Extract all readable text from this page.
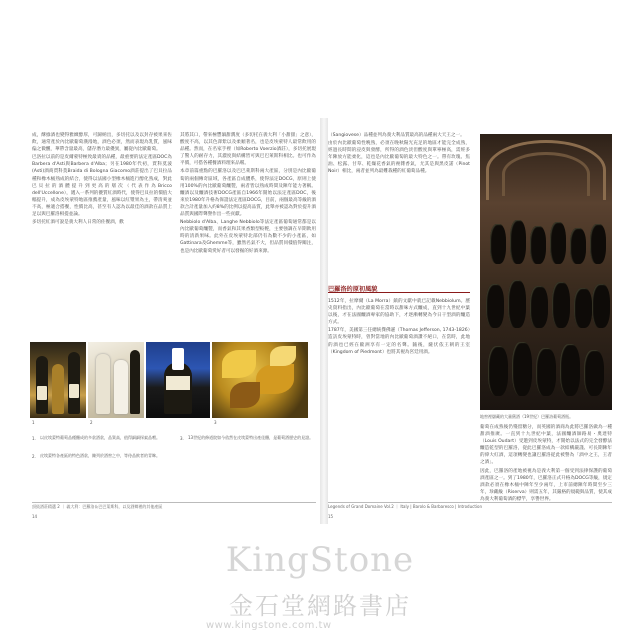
成，酥綠酒也變得雅緻醇厚，可歸納出，多切托以及以封存被果來佐飲，通常產於內比歐葡萄漢漫地，酒色必須，然而表現為乳質，風味偏之微醺，華帶含量最高，儲存潛力最優異，屬從內比歐葡萄。

巴洛拉以前的是皮爾蒙特極致最貴的品種，最重要的法定產區DOC為Barbera d'Asti與Barbera d'Alba；另在1980年代初，賈科莫波(Asti)酒商賈科莫Braida di Bologna Giacomo酒莊提出了巴貝拉品種和橡木桶熟成的結合，使得以法國小型橡木桶進行醇化熟成，對此巴貝拉的酒體提升到更高的層次（代表作為Bricco dell'Uccellone），邁入一系列的優質紅酒時代，使得巴貝拉的價值大幅提升，成為皮埃蒙特地區推薦產量，風味以紅漿果為主，帶清爽並不高，極適合搭餐，性價比高，甚至有人認為以最佳的酒款在品質上足以與巴羅洛相提並論。

多切托紅酒可說是義大利人日常的佐餐酒，歡

其將其口，帶來極豐韻甜潤度（多切托在義大利「小甜甜」之意），酸度不高，以其色澤紫以及柔順著名，也是皮埃蒙特人最常飲用的品種。然而，在名家手裡（如Roberto Voerzio酒莊），多切托展現了驚人的耐存力，其濃度與結構皆可與巴巴萊斯科相比。也可作為平價，可搭各種餐酒料理來品嚐。

本章前篇重點的巴羅洛以及巴巴萊斯科兩大產區，分別是內比歐葡萄的兩個傳奇區域，各產區自成體系，使得法定DOCG，原則上使用100%的內比歐葡萄釀製，兩者皆以熟成時間及陳年能力著稱。釀酒以及釀酒技術DOCG產區自1966年開始以法定產區DOC，後來於1980年升格為保證法定產區DOCG，目前，兩個最高等級的酒款合計產量加入約8%的比例以提高品質，此舉亦被認為對於提升酒品質與國際聲譽作出一些貢獻。

Nebbiolo d'Alba、Langhe Nebbiolo等法定產區葡萄通常都是以內比歐葡萄釀製，而香氣和其果香類型較輕，主要強調在早期飲用時的清新果味。此外在皮埃蒙特北部仍有為數不少的小產區，如Gattinara及Ghemme等，雖然名氣不大，但品質同樣值得關注，也是內比歐葡萄愛好者可以發掘的好酒來源。

1	2	3
1. 以皮埃蒙特葡萄品種釀成的多款酒款，品質高，值得細細探索品嚐。
2. 皮埃蒙特各產區的特色酒款，陳列於酒窖之中，等待品飲者的青睞。
3. 13世紀的修道院如今依然在皮埃蒙特出產佳釀，是葡萄酒歷史的見證。
頂級酒莊精選 2 ｜ 義大利：巴羅洛＆巴巴萊斯科，以及酒鄉裡的其他產區
14

（Sangiovese）品種並列為義大利品質最高的品種兩大天王之一。

由於內比歐葡萄性晚熟，必須在晚秋陽光充足的地區才能完全成熟，經過長時間的浸皮與發酵，所得的酒色淡但酸度與單寧極高，需經多年陳放方能柔化，這也是內比歐葡萄的最大特色之一。帶有玫瑰、焦油、松露、甘草、乾燥花香氣的複雜香氣，尤其是與黑皮諾（Pinot Noir）相比，兩者並列為最難栽種的紅葡萄品種。

巴羅洛的原初風貌

1512年，拉摩爾（La Morra）鎮的文獻中就已記載Nebbiolum。歷史資料指出，內比歐葡萄在當時以甜味方式釀成，直到十九世紀中葉以後，才在法國釀酒專家的協助下，才逐漸轉變為今日干型酒的釀造方式。

1787年，美國第三任總統傑佛遜（Thomas Jefferson, 1743-1826）造訪皮埃蒙特時，曾對當地的內比歐葡萄酒讚不絕口，在當時，此地的酒也已經在歐洲享有一定的名聲。隨後，薩伏依王朝的王室（Kingdom of Piedmont）也將其視為宮廷用酒。

地窖裡儲藏的大量舊酒（19世紀）巴羅洛葡萄酒瓶。

葡萄在成熟後仍殘留糖分，而英國的酒商為此將巴羅洛做為一種甜酒推廣。一直到十九世紀中葉，法國釀酒師路易・奧達特（Louis Oudart）受邀到皮埃蒙特，才開始以法式的完全發酵法釀造乾型的巴羅洛，從此巴羅洛成為一款結構嚴謹、可長期陳年的偉大紅酒，這項轉變也讓巴羅洛從此被譽為「酒中之王，王者之酒」。

因此，巴羅洛的產地被視為是義大利第一個受到法律保護的葡萄酒產區之一。到了1980年，巴羅洛正式升格為DOCG等級，規定酒款必須在橡木桶中陳年至少兩年，上市前總陳年時間至少三年，珍藏級（Riserva）則需五年，其嚴格的規範與品質，使其成為義大利葡萄酒的標竿，享譽世界。

Legends of Grand Domaine Vol.2 ｜ Italy | Barolo & Barbaresco | Introduction
15
KingStone
金石堂網路書店
www.kingstone.com.tw
